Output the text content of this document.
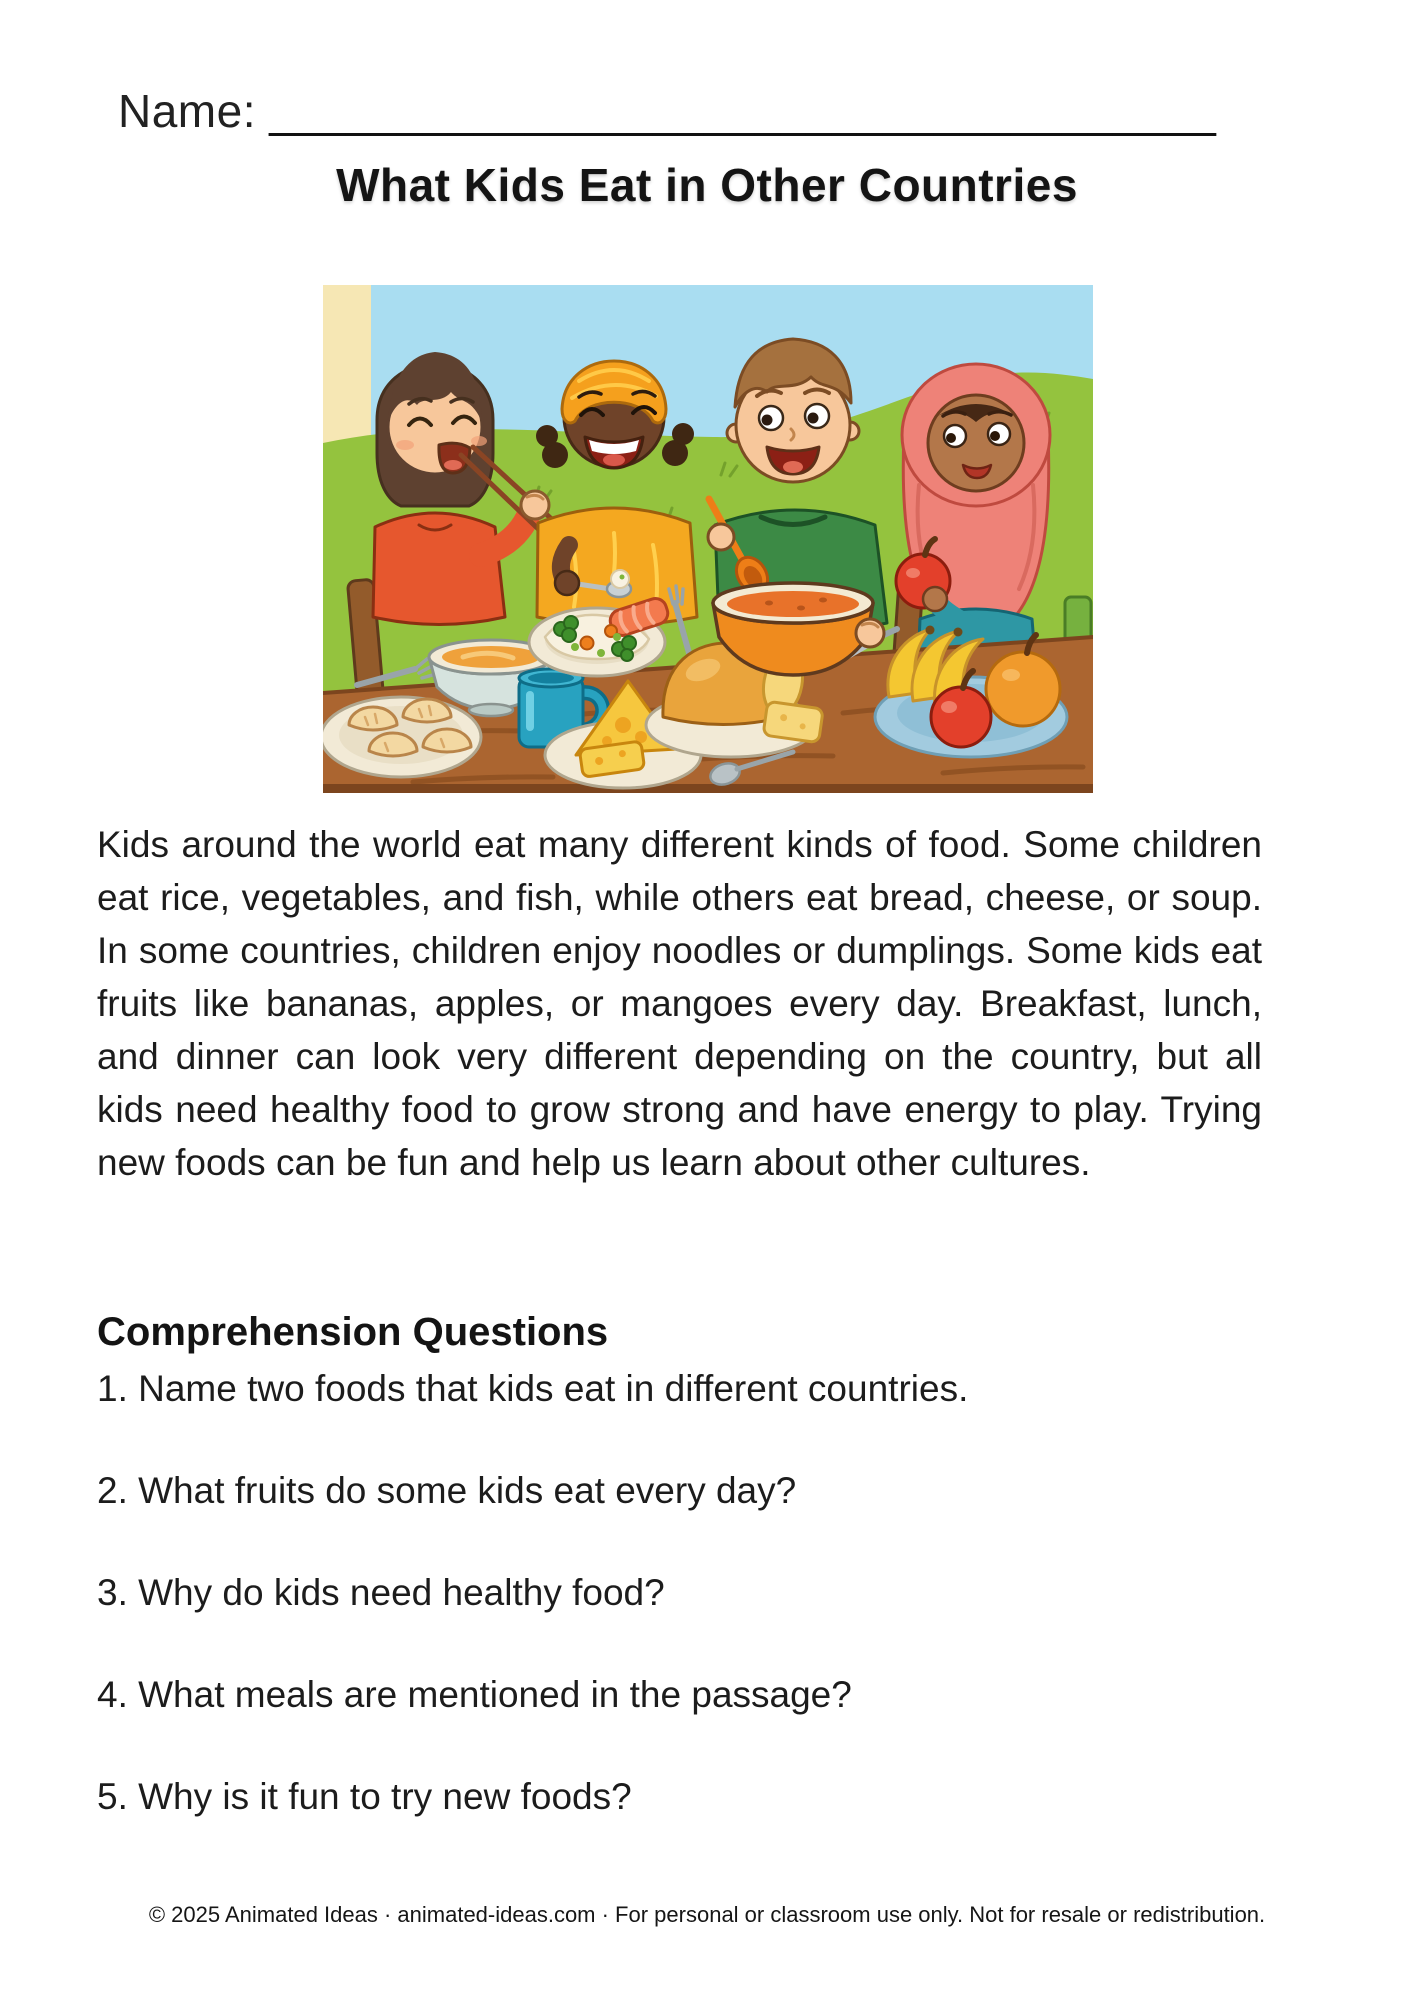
Name: _____________________________________
What Kids Eat in Other Countries
Kids around the world eat many different kinds of food. Some children eat rice, vegetables, and fish, while others eat bread, cheese, or soup. In some countries, children enjoy noodles or dumplings. Some kids eat fruits like bananas, apples, or mangoes every day. Breakfast, lunch, and dinner can look very different depending on the country, but all kids need healthy food to grow strong and have energy to play. Trying new foods can be fun and help us learn about other cultures.
Comprehension Questions
1. Name two foods that kids eat in different countries.
2. What fruits do some kids eat every day?
3. Why do kids need healthy food?
4. What meals are mentioned in the passage?
5. Why is it fun to try new foods?
© 2025 Animated Ideas · animated-ideas.com · For personal or classroom use only. Not for resale or redistribution.
